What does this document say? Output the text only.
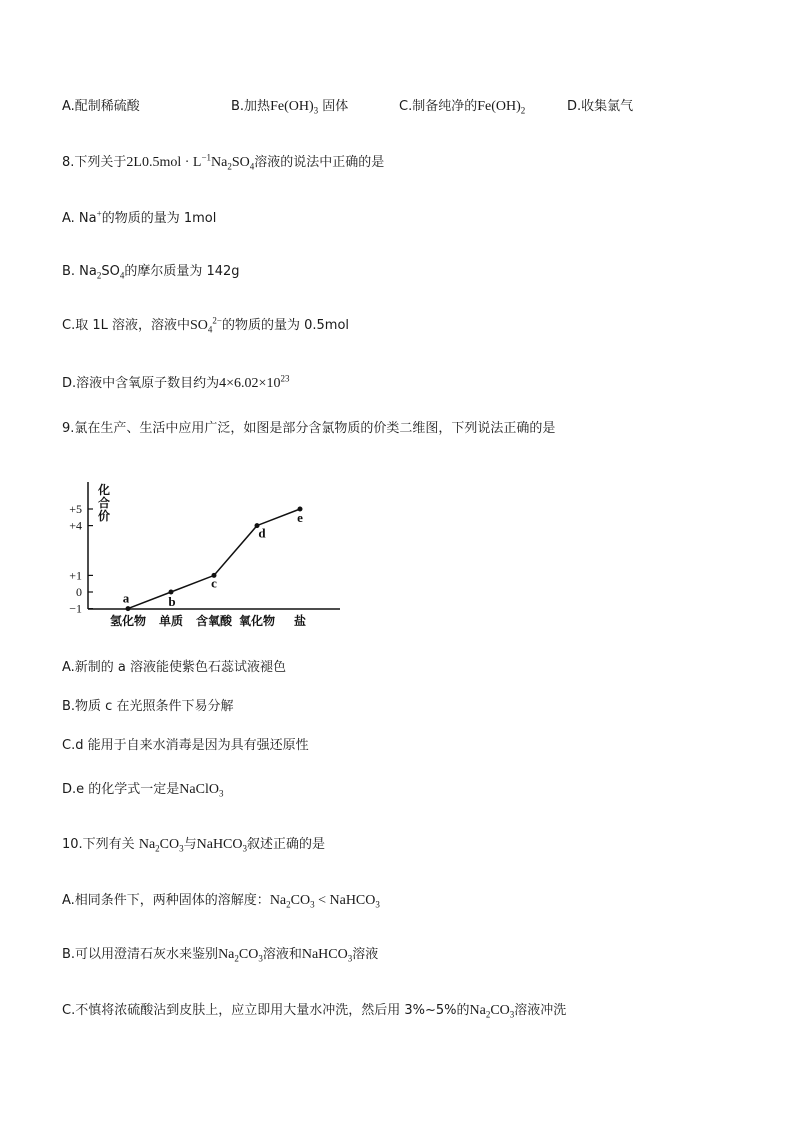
A.配制稀硫酸	B.加热$Fe(OH)_3$ 固体	C.制备纯净的$Fe(OH)_2$	D.收集氯气
8.下列关于$2L0.5mol \cdot L^{-1}Na_2SO_4$溶液的说法中正确的是
A. Na+的物质的量为 1mol
B. $Na_2SO_4$的摩尔质量为 142g
C.取 1L 溶液，溶液中$SO_4^{2-}$的物质的量为 0.5mol
D.溶液中含氧原子数目约为$4\times 6.02\times 10^{23}$
9.氯在生产、生活中应用广泛，如图是部分含氯物质的价类二维图，下列说法正确的是
+5
+4
+1
0
−1
化合价
氢化物 单质 含氧酸 氧化物 盐
a	b
c
d
e
A.新制的 a 溶液能使紫色石蕊试液褪色
B.物质 c 在光照条件下易分解
C.d 能用于自来水消毒是因为具有强还原性
D.e 的化学式一定是NaClO$_3$
10.下列有关 $Na_2CO_3$与NaHCO$_3$叙述正确的是
A.相同条件下，两种固体的溶解度：$Na_2CO_3$ < NaHCO$_3$
B.可以用澄清石灰水来鉴别$Na_2CO_3$溶液和NaHCO$_3$溶液
C.不慎将浓硫酸沾到皮肤上，应立即用大量水冲洗，然后用 3%~5%的$Na_2CO_3$溶液冲洗
